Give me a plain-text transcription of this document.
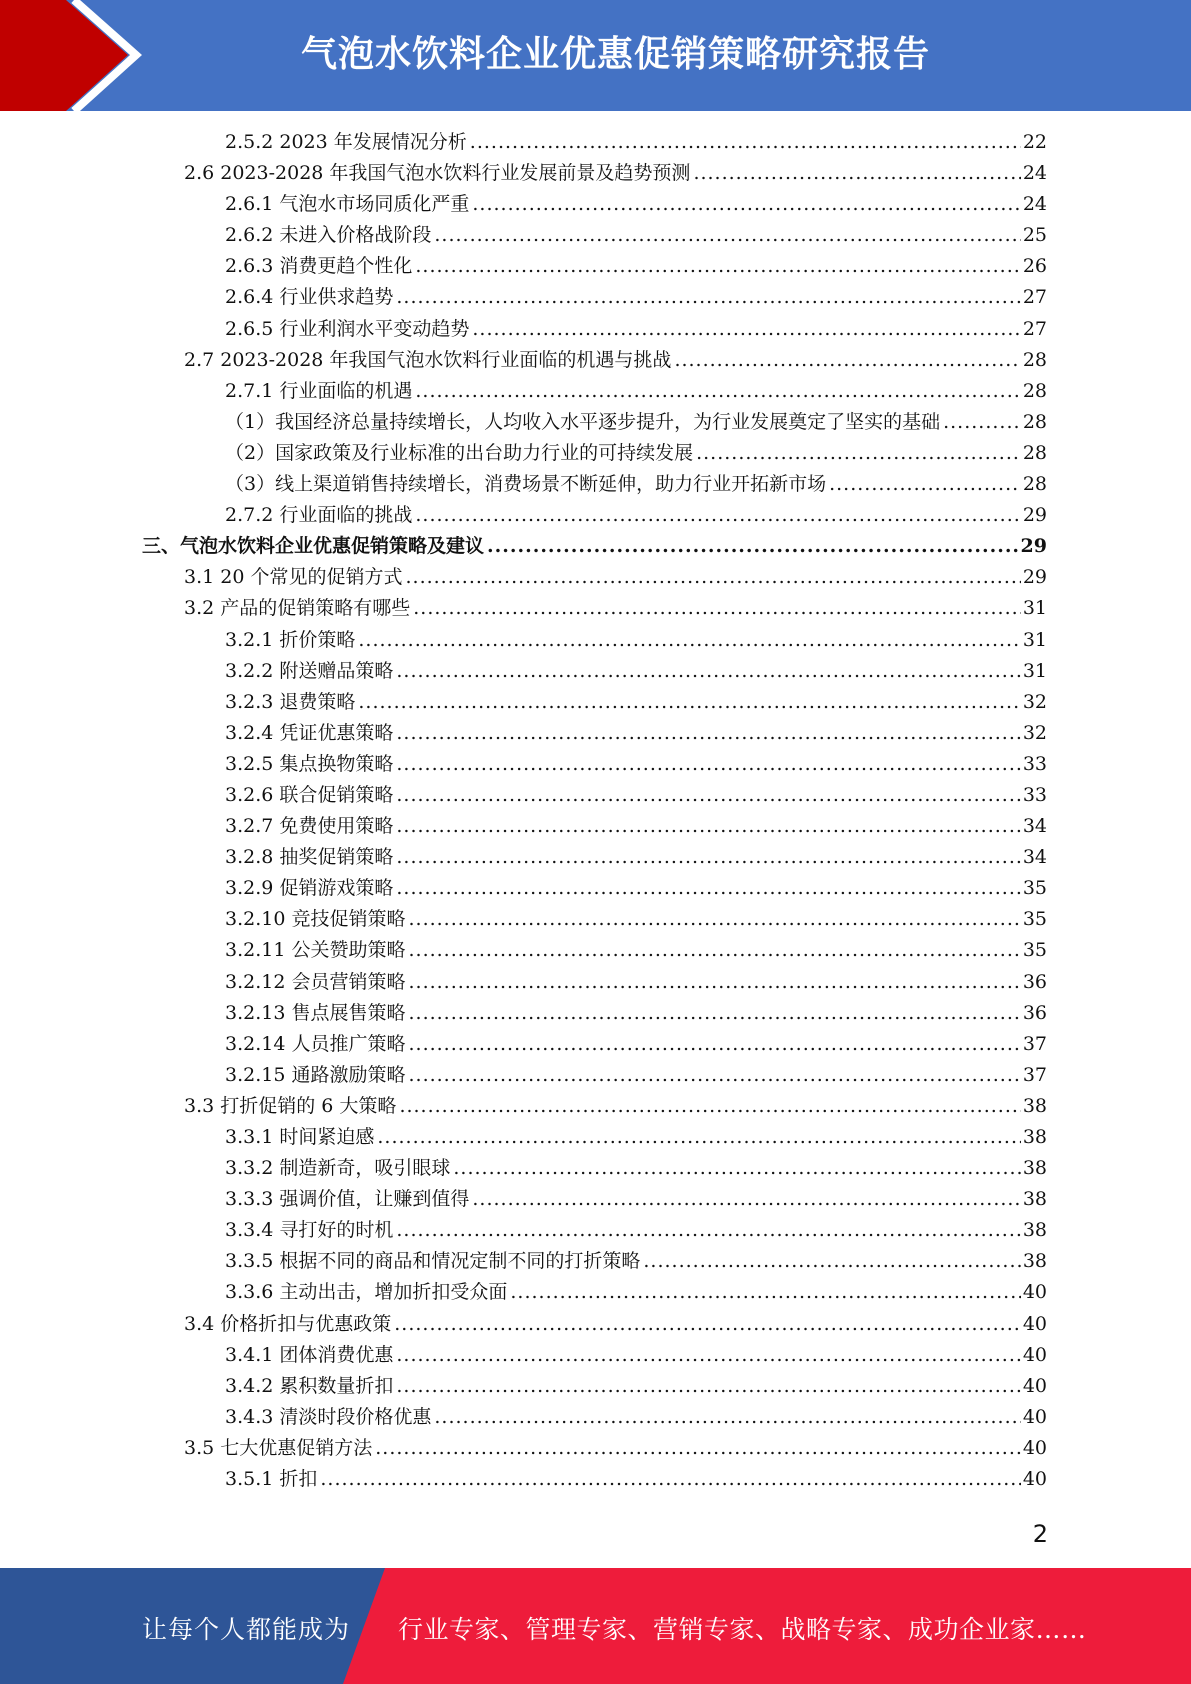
气泡水饮料企业优惠促销策略研究报告
2.5.2 2023 年发展情况分析 .....	22
2.6 2023-2028 年我国气泡水饮料行业发展前景及趋势预测 .....	24
2.6.1 气泡水市场同质化严重 .....	24
2.6.2 未进入价格战阶段 .....	25
2.6.3 消费更趋个性化 .....	26
2.6.4 行业供求趋势 .....	27
2.6.5 行业利润水平变动趋势 .....	27
2.7 2023-2028 年我国气泡水饮料行业面临的机遇与挑战 .....	28
2.7.1 行业面临的机遇 .....	28
（1）我国经济总量持续增长，人均收入水平逐步提升，为行业发展奠定了坚实的基础 .....	28
（2）国家政策及行业标准的出台助力行业的可持续发展 .....	28
（3）线上渠道销售持续增长，消费场景不断延伸，助力行业开拓新市场 .....	28
2.7.2 行业面临的挑战 .....	29
三、气泡水饮料企业优惠促销策略及建议 .....	29
3.1 20 个常见的促销方式 .....	29
3.2 产品的促销策略有哪些 .....	31
3.2.1 折价策略 .....	31
3.2.2 附送赠品策略 .....	31
3.2.3 退费策略 .....	32
3.2.4 凭证优惠策略 .....	32
3.2.5 集点换物策略 .....	33
3.2.6 联合促销策略 .....	33
3.2.7 免费使用策略 .....	34
3.2.8 抽奖促销策略 .....	34
3.2.9 促销游戏策略 .....	35
3.2.10 竞技促销策略 .....	35
3.2.11 公关赞助策略 .....	35
3.2.12 会员营销策略 .....	36
3.2.13 售点展售策略 .....	36
3.2.14 人员推广策略 .....	37
3.2.15 通路激励策略 .....	37
3.3 打折促销的 6 大策略 .....	38
3.3.1 时间紧迫感 .....	38
3.3.2 制造新奇，吸引眼球 .....	38
3.3.3 强调价值，让赚到值得 .....	38
3.3.4 寻打好的时机 .....	38
3.3.5 根据不同的商品和情况定制不同的打折策略 .....	38
3.3.6 主动出击，增加折扣受众面 .....	40
3.4 价格折扣与优惠政策 .....	40
3.4.1 团体消费优惠 .....	40
3.4.2 累积数量折扣 .....	40
3.4.3 清淡时段价格优惠 .....	40
3.5 七大优惠促销方法 .....	40
3.5.1 折扣 .....	40
2
让每个人都能成为 行业专家、管理专家、营销专家、战略专家、成功企业家……
